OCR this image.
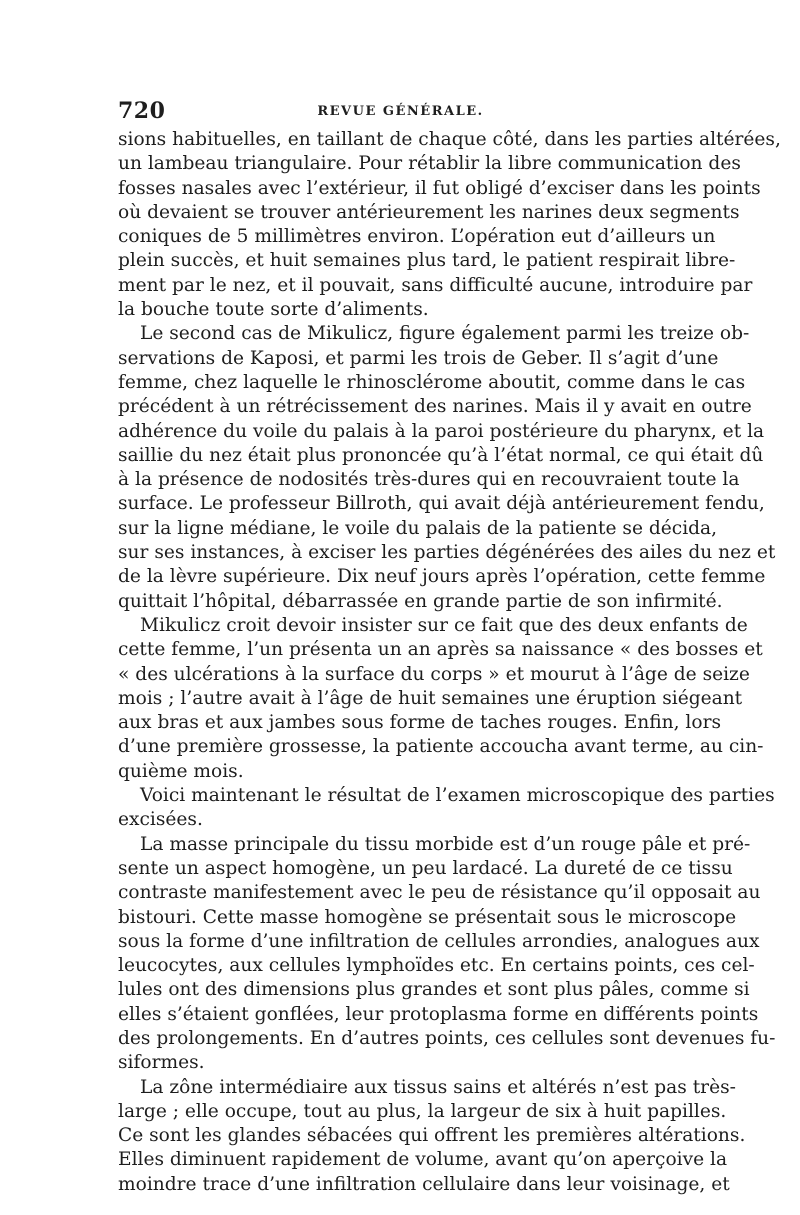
720	REVUE GÉNÉRALE.
sions habituelles, en taillant de chaque côté, dans les parties altérées,
un lambeau triangulaire. Pour rétablir la libre communication des
fosses nasales avec l’extérieur, il fut obligé d’exciser dans les points
où devaient se trouver antérieurement les narines deux segments
coniques de 5 millimètres environ. L’opération eut d’ailleurs un
plein succès, et huit semaines plus tard, le patient respirait libre-
ment par le nez, et il pouvait, sans difficulté aucune, introduire par
la bouche toute sorte d’aliments.
Le second cas de Mikulicz, figure également parmi les treize ob-
servations de Kaposi, et parmi les trois de Geber. Il s’agit d’une
femme, chez laquelle le rhinosclérome aboutit, comme dans le cas
précédent à un rétrécissement des narines. Mais il y avait en outre
adhérence du voile du palais à la paroi postérieure du pharynx, et la
saillie du nez était plus prononcée qu’à l’état normal, ce qui était dû
à la présence de nodosités très-dures qui en recouvraient toute la
surface. Le professeur Billroth, qui avait déjà antérieurement fendu,
sur la ligne médiane, le voile du palais de la patiente se décida,
sur ses instances, à exciser les parties dégénérées des ailes du nez et
de la lèvre supérieure. Dix neuf jours après l’opération, cette femme
quittait l’hôpital, débarrassée en grande partie de son infirmité.
Mikulicz croit devoir insister sur ce fait que des deux enfants de
cette femme, l’un présenta un an après sa naissance « des bosses et
« des ulcérations à la surface du corps » et mourut à l’âge de seize
mois ; l’autre avait à l’âge de huit semaines une éruption siégeant
aux bras et aux jambes sous forme de taches rouges. Enfin, lors
d’une première grossesse, la patiente accoucha avant terme, au cin-
quième mois.
Voici maintenant le résultat de l’examen microscopique des parties
excisées.
La masse principale du tissu morbide est d’un rouge pâle et pré-
sente un aspect homogène, un peu lardacé. La dureté de ce tissu
contraste manifestement avec le peu de résistance qu’il opposait au
bistouri. Cette masse homogène se présentait sous le microscope
sous la forme d’une infiltration de cellules arrondies, analogues aux
leucocytes, aux cellules lymphoïdes etc. En certains points, ces cel-
lules ont des dimensions plus grandes et sont plus pâles, comme si
elles s’étaient gonflées, leur protoplasma forme en différents points
des prolongements. En d’autres points, ces cellules sont devenues fu-
siformes.
La zône intermédiaire aux tissus sains et altérés n’est pas très-
large ; elle occupe, tout au plus, la largeur de six à huit papilles.
Ce sont les glandes sébacées qui offrent les premières altérations.
Elles diminuent rapidement de volume, avant qu’on aperçoive la
moindre trace d’une infiltration cellulaire dans leur voisinage, et
